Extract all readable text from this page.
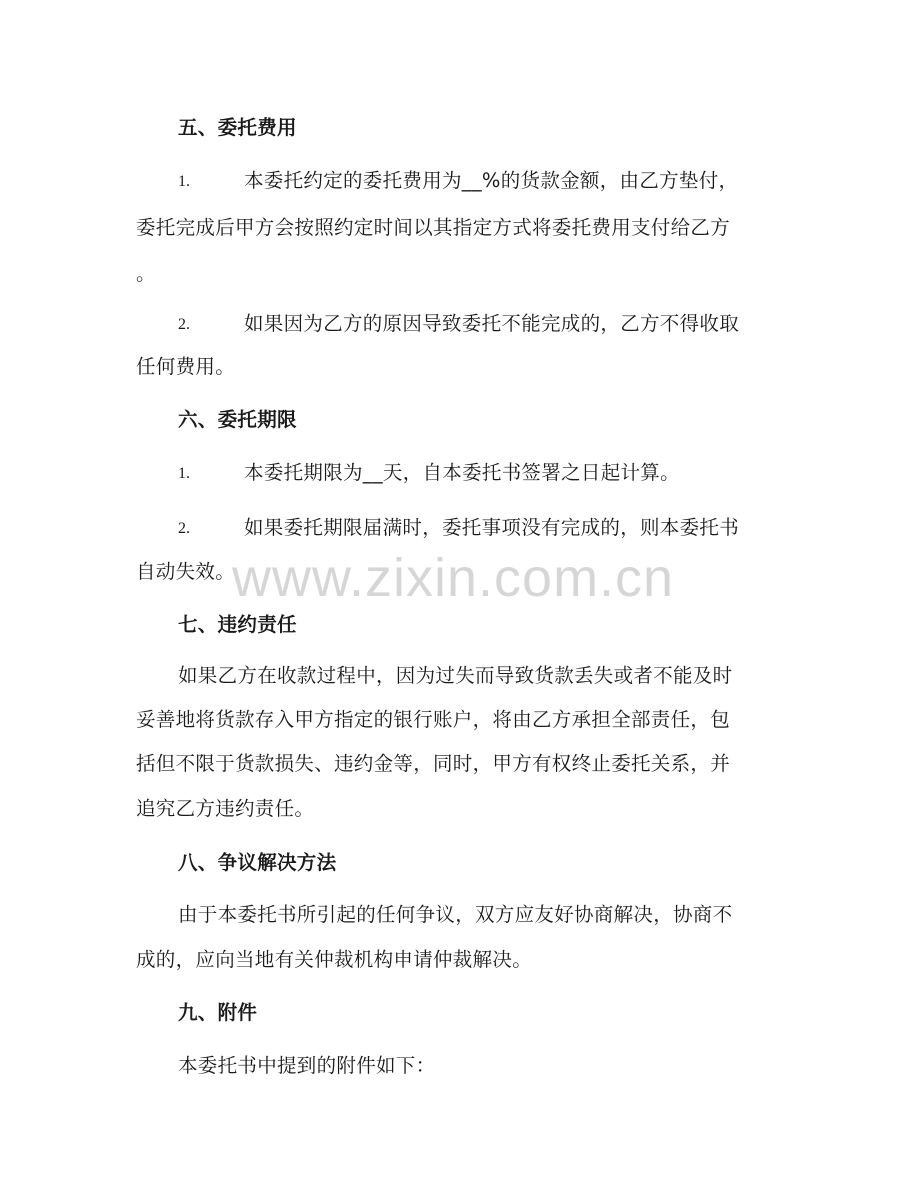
五、委托费用
1.	本委托约定的委托费用为__%的货款金额，由乙方垫付，
委托完成后甲方会按照约定时间以其指定方式将委托费用支付给乙方
。
2.	如果因为乙方的原因导致委托不能完成的，乙方不得收取
任何费用。
六、委托期限
1.	本委托期限为__天，自本委托书签署之日起计算。
2.	如果委托期限届满时，委托事项没有完成的，则本委托书
自动失效。
七、违约责任
如果乙方在收款过程中，因为过失而导致货款丢失或者不能及时
妥善地将货款存入甲方指定的银行账户，将由乙方承担全部责任，包
括但不限于货款损失、违约金等，同时，甲方有权终止委托关系，并
追究乙方违约责任。
八、争议解决方法
由于本委托书所引起的任何争议，双方应友好协商解决，协商不
成的，应向当地有关仲裁机构申请仲裁解决。
九、附件
本委托书中提到的附件如下：
www.zixin.com.cn
